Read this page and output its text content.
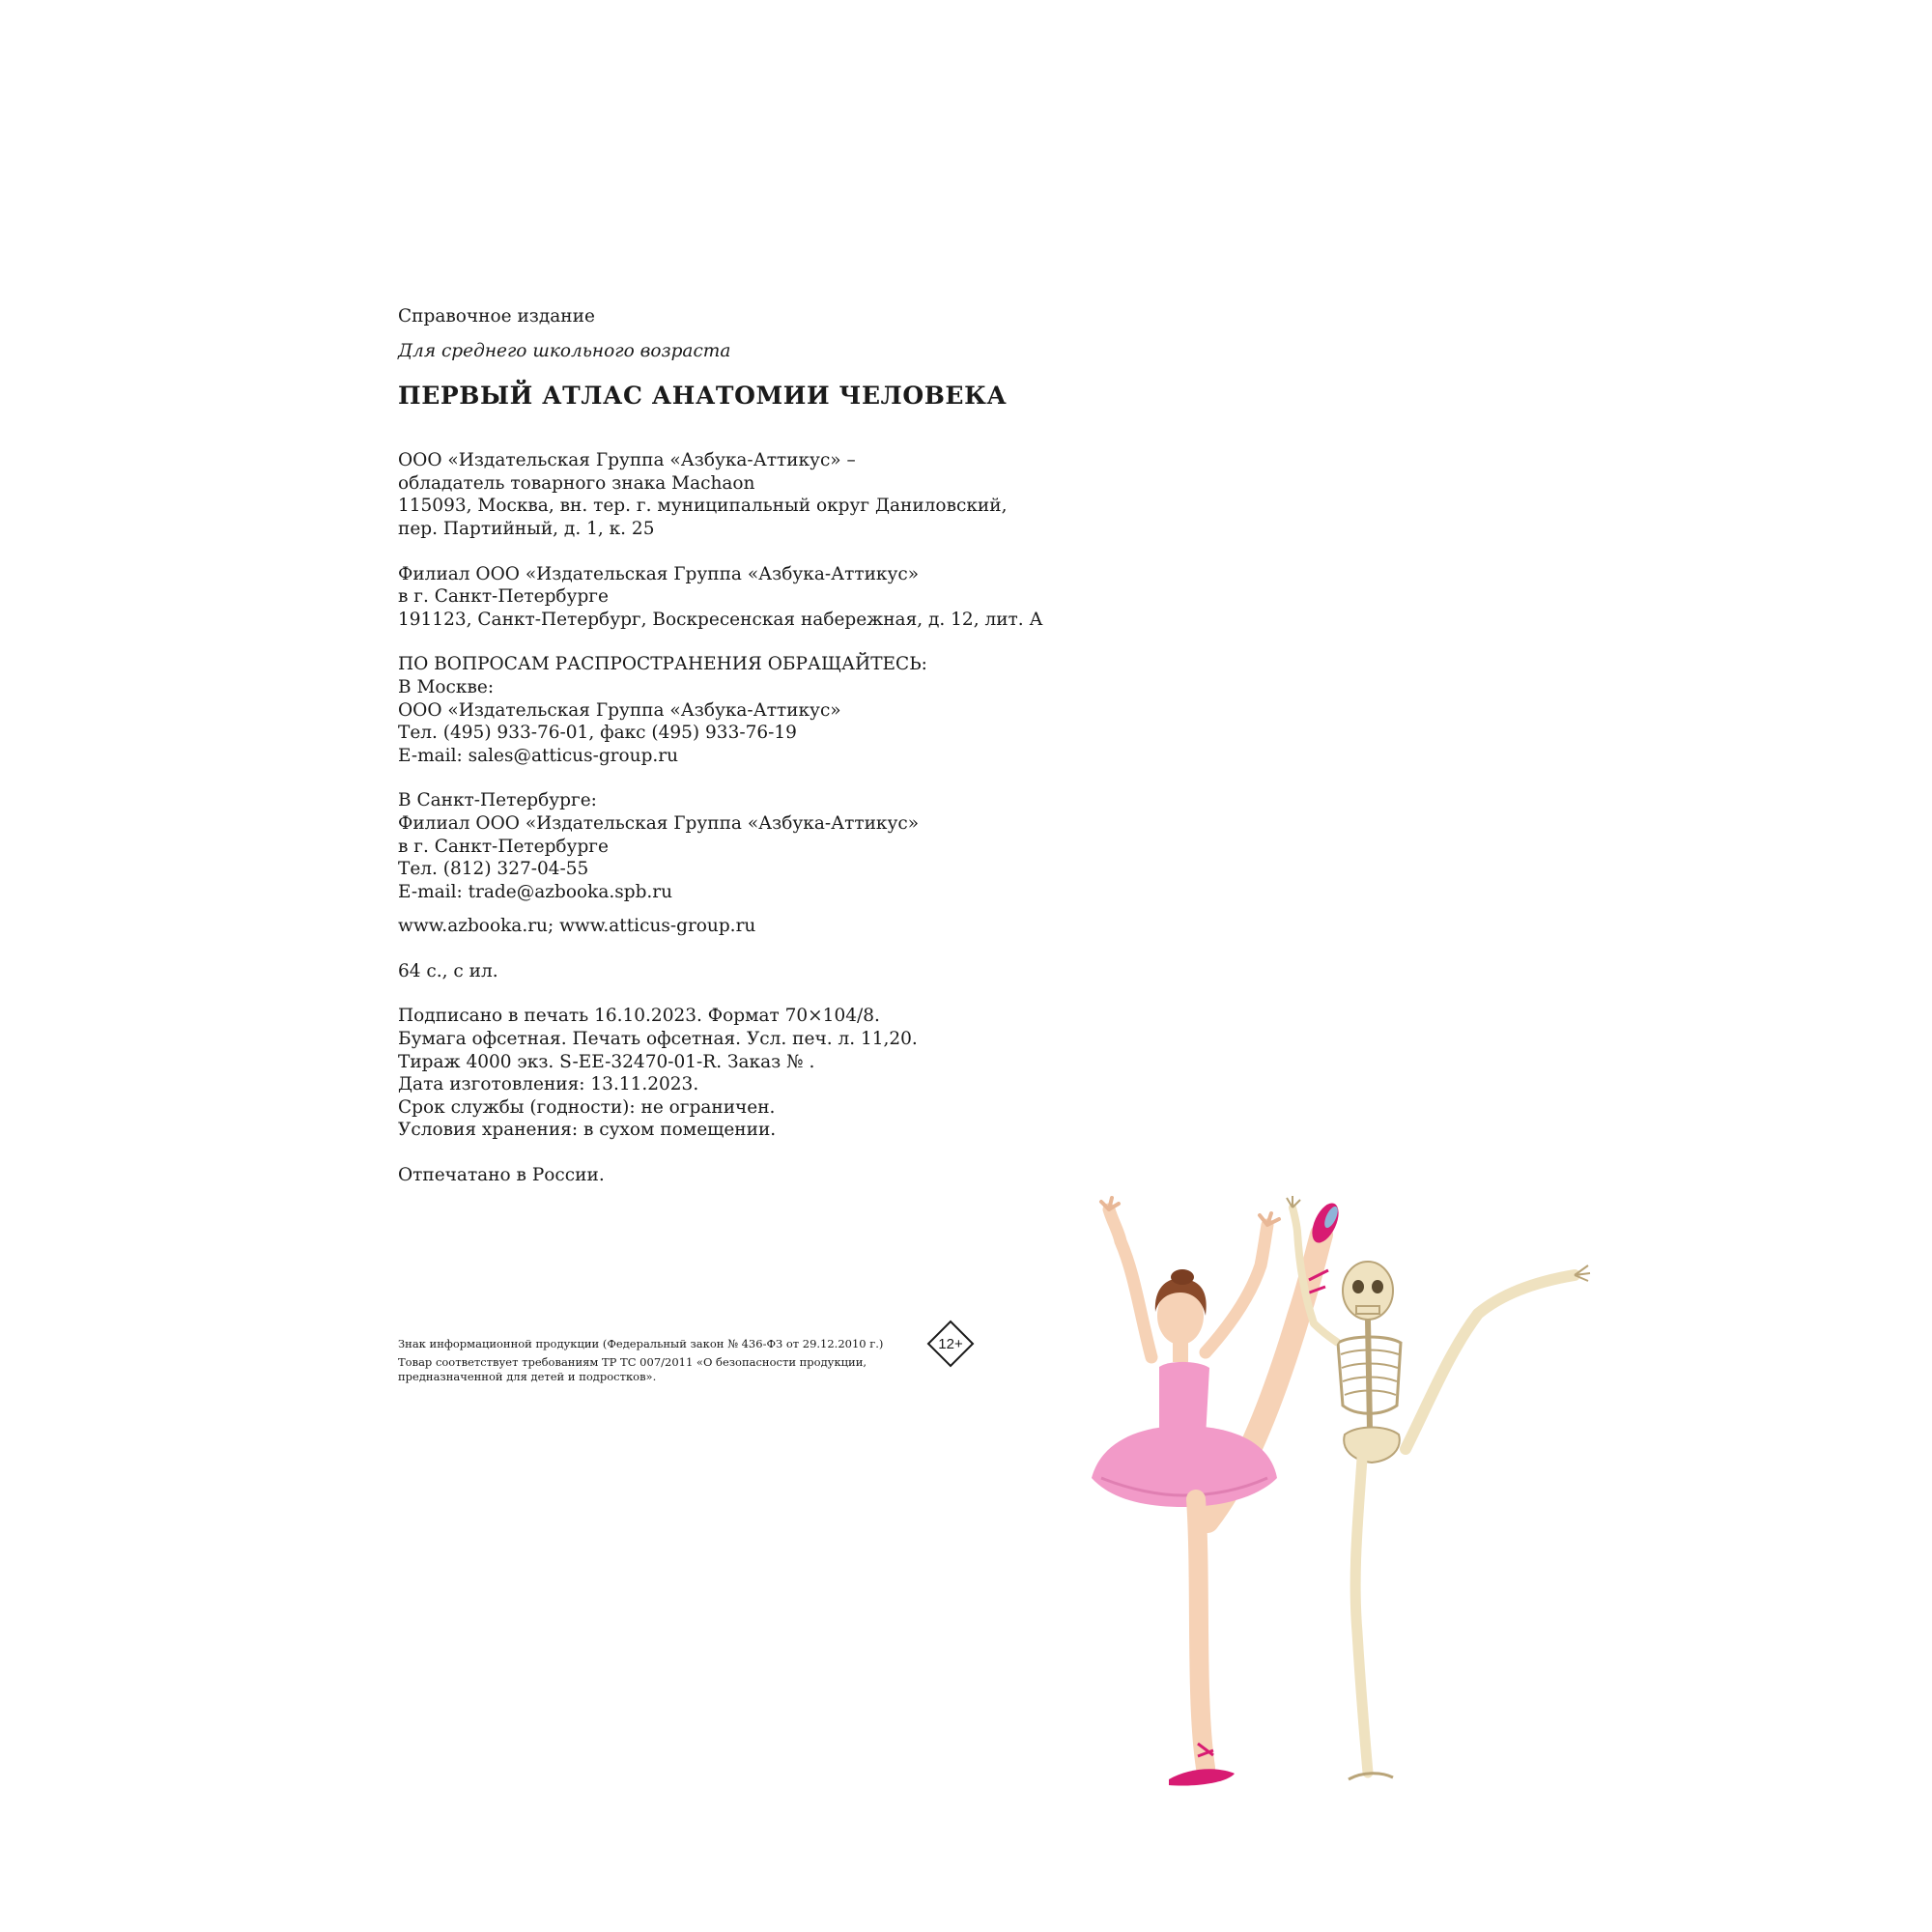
Справочное издание
Для среднего школьного возраста
ПЕРВЫЙ АТЛАС АНАТОМИИ ЧЕЛОВЕКА
ООО «Издательская Группа «Азбука-Аттикус» –
обладатель товарного знака Machaon
115093, Москва, вн. тер. г. муниципальный округ Даниловский,
пер. Партийный, д. 1, к. 25
Филиал ООО «Издательская Группа «Азбука-Аттикус»
в г. Санкт-Петербурге
191123, Санкт-Петербург, Воскресенская набережная, д. 12, лит. А
ПО ВОПРОСАМ РАСПРОСТРАНЕНИЯ ОБРАЩАЙТЕСЬ:
В Москве:
ООО «Издательская Группа «Азбука-Аттикус»
Тел. (495) 933-76-01, факс (495) 933-76-19
E-mail: sales@atticus-group.ru
В Санкт-Петербурге:
Филиал ООО «Издательская Группа «Азбука-Аттикус»
в г. Санкт-Петербурге
Тел. (812) 327-04-55
E-mail: trade@azbooka.spb.ru
www.azbooka.ru; www.atticus-group.ru
64 с., с ил.
Подписано в печать 16.10.2023. Формат 70×104/8.
Бумага офсетная. Печать офсетная. Усл. печ. л. 11,20.
Тираж 4000 экз. S-EE-32470-01-R. Заказ № .
Дата изготовления: 13.11.2023.
Срок службы (годности): не ограничен.
Условия хранения: в сухом помещении.
Отпечатано в России.
Знак информационной продукции (Федеральный закон № 436-ФЗ от 29.12.2010 г.)
Товар соответствует требованиям ТР ТС 007/2011 «О безопасности продукции,
предназначенной для детей и подростков».
12+
